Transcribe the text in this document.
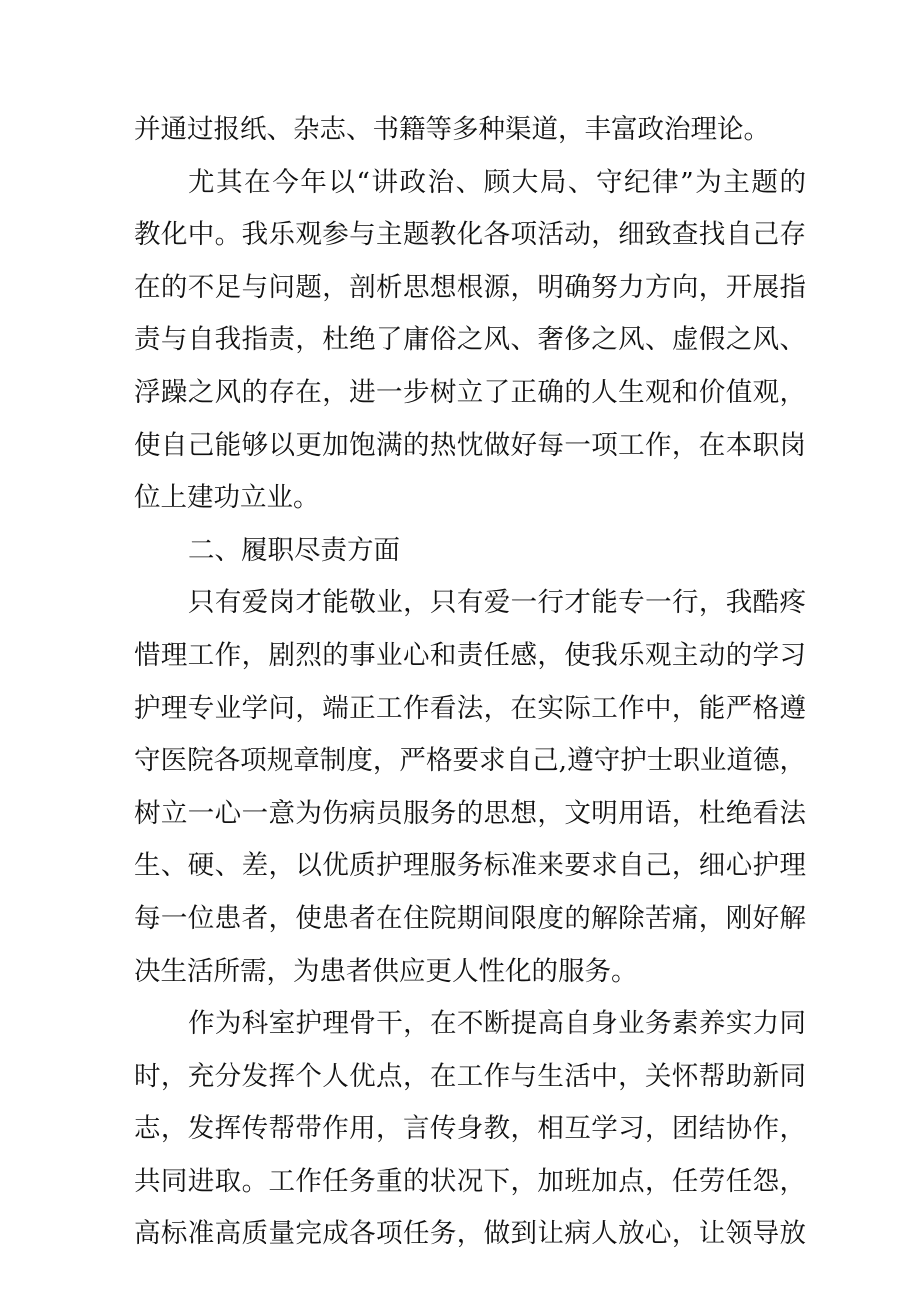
并通过报纸、杂志、书籍等多种渠道，丰富政治理论。
尤其在今年以“讲政治、顾大局、守纪律”为主题的
教化中。我乐观参与主题教化各项活动，细致查找自己存
在的不足与问题，剖析思想根源，明确努力方向，开展指
责与自我指责，杜绝了庸俗之风、奢侈之风、虚假之风、
浮躁之风的存在，进一步树立了正确的人生观和价值观，
使自己能够以更加饱满的热忱做好每一项工作，在本职岗
位上建功立业。
二、履职尽责方面
只有爱岗才能敬业，只有爱一行才能专一行，我酷疼
惜理工作，剧烈的事业心和责任感，使我乐观主动的学习
护理专业学问，端正工作看法，在实际工作中，能严格遵
守医院各项规章制度，严格要求自己,遵守护士职业道德，
树立一心一意为伤病员服务的思想，文明用语，杜绝看法
生、硬、差，以优质护理服务标准来要求自己，细心护理
每一位患者，使患者在住院期间限度的解除苦痛，刚好解
决生活所需，为患者供应更人性化的服务。
作为科室护理骨干，在不断提高自身业务素养实力同
时，充分发挥个人优点，在工作与生活中，关怀帮助新同
志，发挥传帮带作用，言传身教，相互学习，团结协作，
共同进取。工作任务重的状况下，加班加点，任劳任怨，
高标准高质量完成各项任务，做到让病人放心，让领导放
